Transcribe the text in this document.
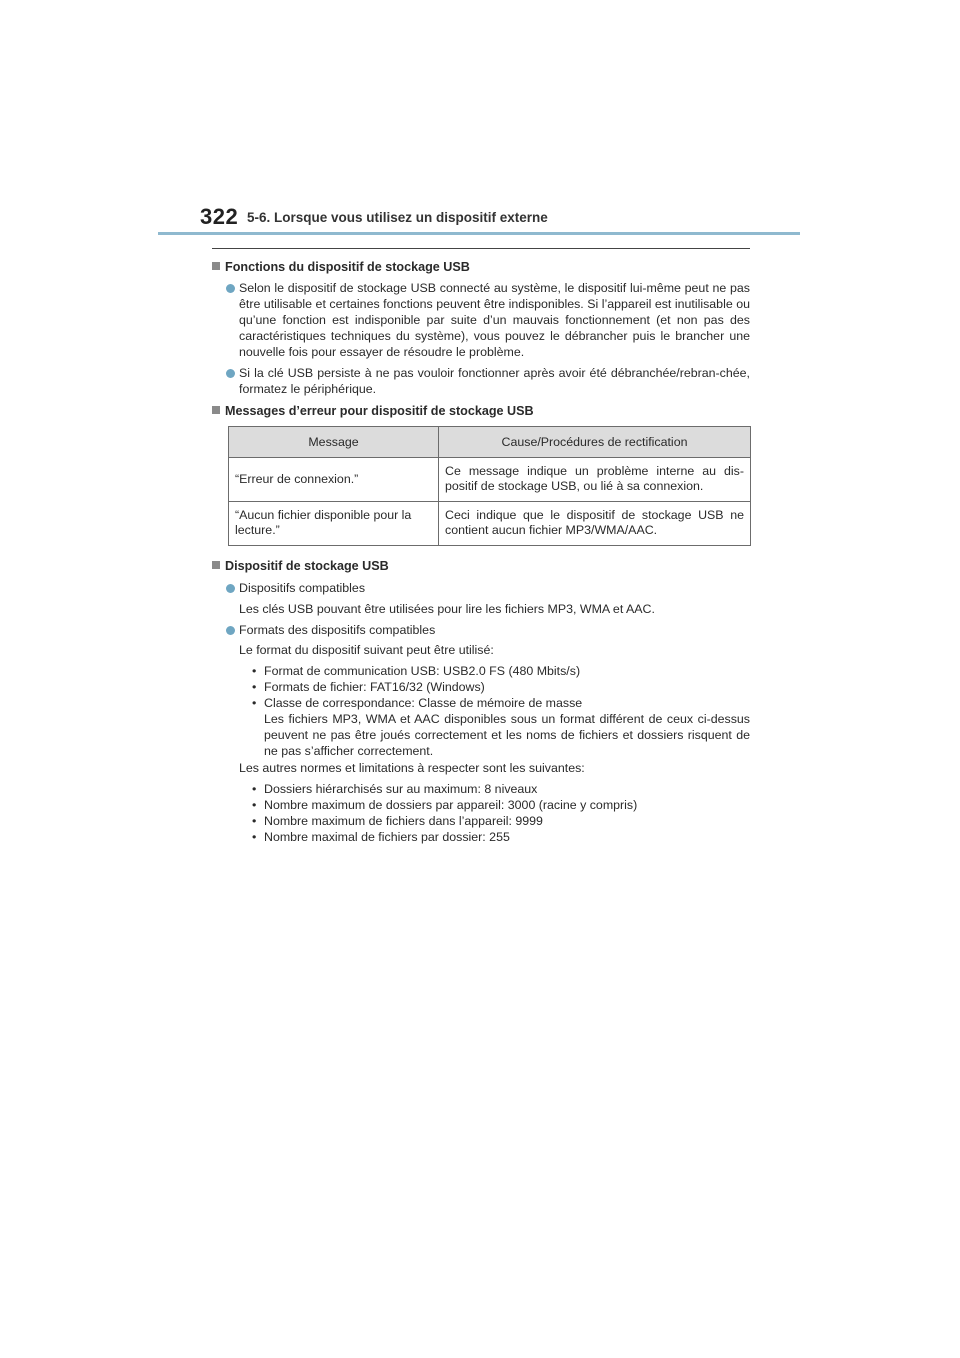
322 5-6. Lorsque vous utilisez un dispositif externe
Fonctions du dispositif de stockage USB
Selon le dispositif de stockage USB connecté au système, le dispositif lui-même peut ne pas être utilisable et certaines fonctions peuvent être indisponibles. Si l’appareil est inutilisable ou qu’une fonction est indisponible par suite d’un mauvais fonctionnement (et non pas des caractéristiques techniques du système), vous pouvez le débrancher puis le brancher une nouvelle fois pour essayer de résoudre le problème.
Si la clé USB persiste à ne pas vouloir fonctionner après avoir été débranchée/rebran-chée, formatez le périphérique.
Messages d’erreur pour dispositif de stockage USB
Message	Cause/Procédures de rectification
“Erreur de connexion.”	Ce message indique un problème interne au dis-positif de stockage USB, ou lié à sa connexion.
“Aucun fichier disponible pour la lecture.”	Ceci indique que le dispositif de stockage USB ne contient aucun fichier MP3/WMA/AAC.
Dispositif de stockage USB
Dispositifs compatibles
Les clés USB pouvant être utilisées pour lire les fichiers MP3, WMA et AAC.
Formats des dispositifs compatibles
Le format du dispositif suivant peut être utilisé:
• Format de communication USB: USB2.0 FS (480 Mbits/s)
• Formats de fichier: FAT16/32 (Windows)
• Classe de correspondance: Classe de mémoire de masse
Les fichiers MP3, WMA et AAC disponibles sous un format différent de ceux ci-dessus peuvent ne pas être joués correctement et les noms de fichiers et dossiers risquent de ne pas s’afficher correctement.
Les autres normes et limitations à respecter sont les suivantes:
• Dossiers hiérarchisés sur au maximum: 8 niveaux
• Nombre maximum de dossiers par appareil: 3000 (racine y compris)
• Nombre maximum de fichiers dans l’appareil: 9999
• Nombre maximal de fichiers par dossier: 255
